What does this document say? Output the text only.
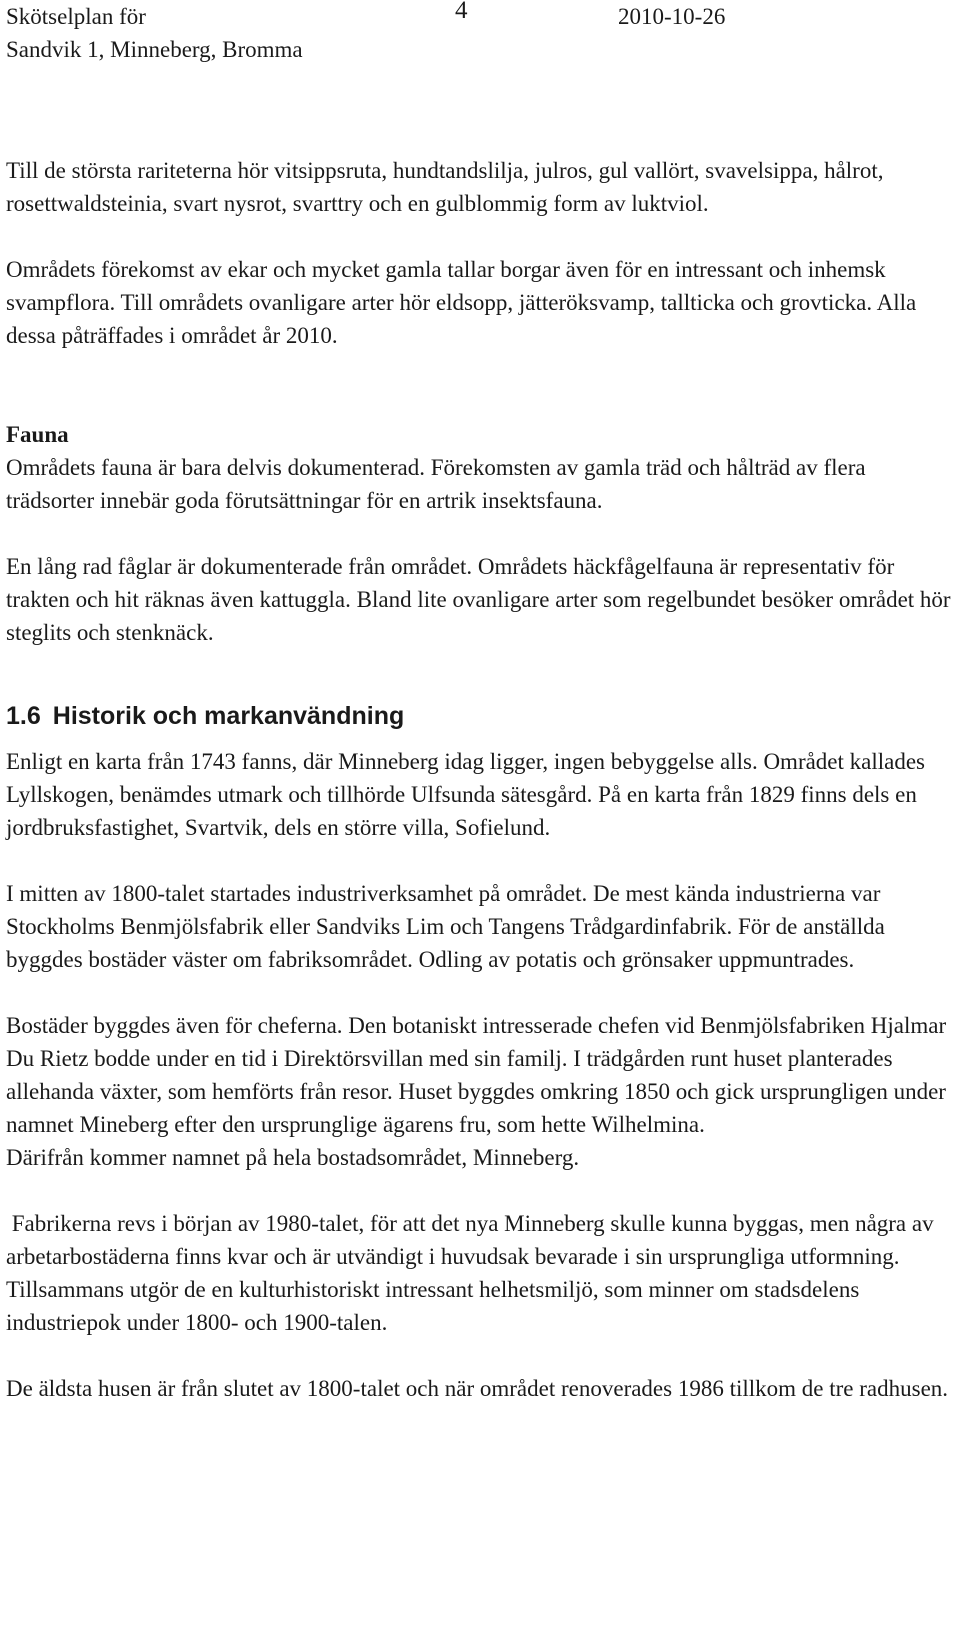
Skötselplan för
Sandvik 1, Minneberg, Bromma
4	2010-10-26

Till de största rariteterna hör vitsippsruta, hundtandslilja, julros, gul vallört, svavelsippa, hålrot, rosettwaldsteinia, svart nysrot, svarttry och en gulblommig form av luktviol.

Områdets förekomst av ekar och mycket gamla tallar borgar även för en intressant och inhemsk svampflora. Till områdets ovanligare arter hör eldsopp, jätteröksvamp, tallticka och grovticka. Alla dessa påträffades i området år 2010.

Fauna

Områdets fauna är bara delvis dokumenterad. Förekomsten av gamla träd och hålträd av flera trädsorter innebär goda förutsättningar för en artrik insektsfauna.

En lång rad fåglar är dokumenterade från området. Områdets häckfågelfauna är representativ för trakten och hit räknas även kattuggla. Bland lite ovanligare arter som regelbundet besöker området hör steglits och stenknäck.

1.6 Historik och markanvändning

Enligt en karta från 1743 fanns, där Minneberg idag ligger, ingen bebyggelse alls. Området kallades Lyllskogen, benämdes utmark och tillhörde Ulfsunda sätesgård. På en karta från 1829 finns dels en jordbruksfastighet, Svartvik, dels en större villa, Sofielund.

I mitten av 1800-talet startades industriverksamhet på området. De mest kända industrierna var Stockholms Benmjölsfabrik eller Sandviks Lim och Tangens Trådgardinfabrik. För de anställda byggdes bostäder väster om fabriksområdet. Odling av potatis och grönsaker uppmuntrades.

Bostäder byggdes även för cheferna. Den botaniskt intresserade chefen vid Benmjölsfabriken Hjalmar Du Rietz bodde under en tid i Direktörsvillan med sin familj. I trädgården runt huset planterades allehanda växter, som hemförts från resor. Huset byggdes omkring 1850 och gick ursprungligen under namnet Mineberg efter den ursprunglige ägarens fru, som hette Wilhelmina.

Därifrån kommer namnet på hela bostadsområdet, Minneberg.

Fabrikerna revs i början av 1980-talet, för att det nya Minneberg skulle kunna byggas, men några av arbetarbostäderna finns kvar och är utvändigt i huvudsak bevarade i sin ursprungliga utformning. Tillsammans utgör de en kulturhistoriskt intressant helhetsmiljö, som minner om stadsdelens industriepok under 1800- och 1900-talen.

De äldsta husen är från slutet av 1800-talet och när området renoverades 1986 tillkom de tre radhusen.
